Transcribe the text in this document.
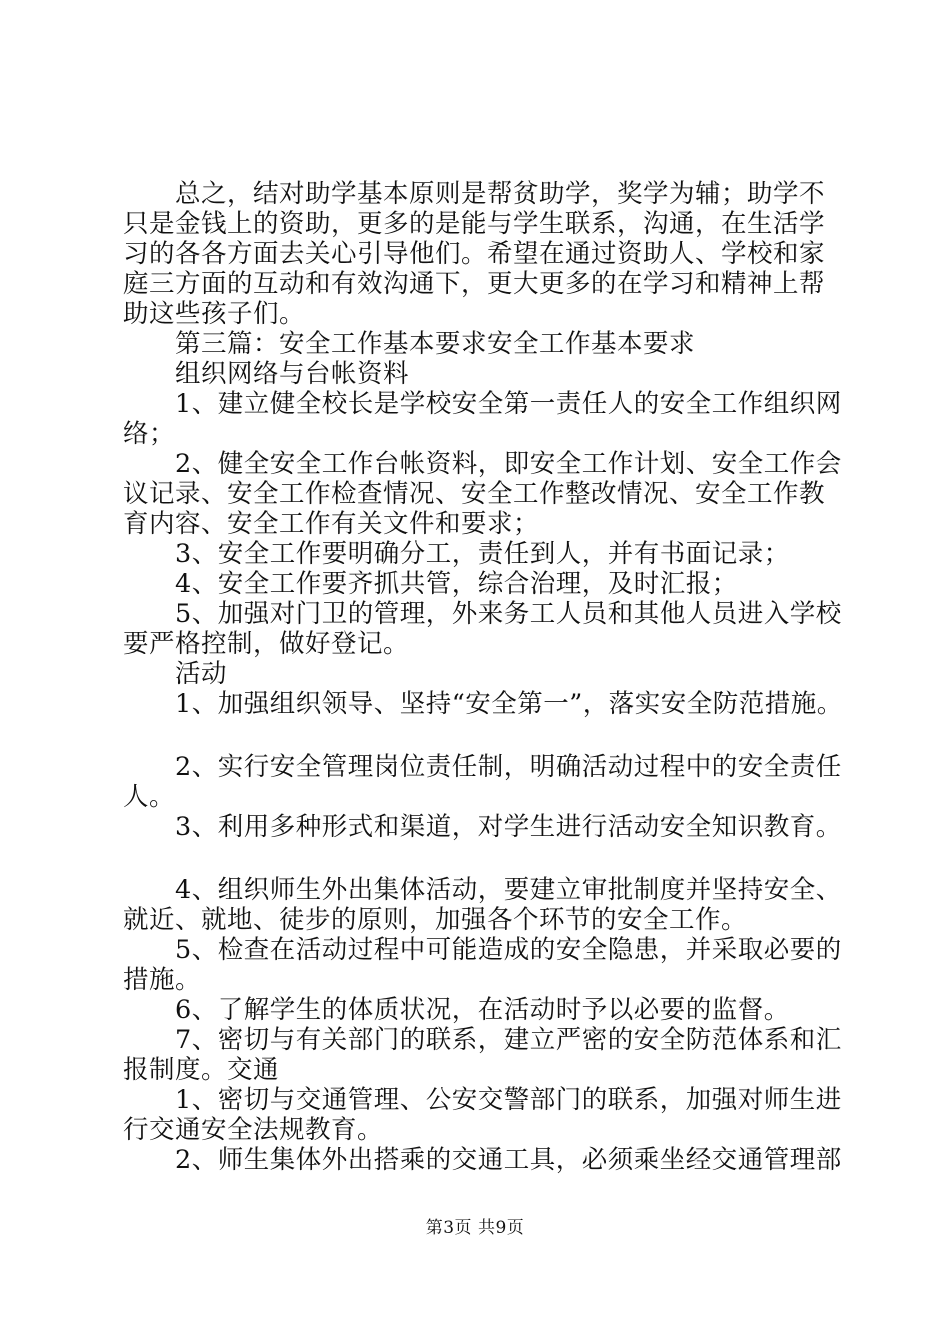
　　总之，结对助学基本原则是帮贫助学，奖学为辅；助学不
只是金钱上的资助，更多的是能与学生联系，沟通，在生活学
习的各各方面去关心引导他们。希望在通过资助人、学校和家
庭三方面的互动和有效沟通下，更大更多的在学习和精神上帮
助这些孩子们。
　　第三篇：安全工作基本要求安全工作基本要求
　　组织网络与台帐资料
　　1、建立健全校长是学校安全第一责任人的安全工作组织网
络；
　　2、健全安全工作台帐资料，即安全工作计划、安全工作会
议记录、安全工作检查情况、安全工作整改情况、安全工作教
育内容、安全工作有关文件和要求；
　　3、安全工作要明确分工，责任到人，并有书面记录；
　　4、安全工作要齐抓共管，综合治理，及时汇报；
　　5、加强对门卫的管理，外来务工人员和其他人员进入学校
要严格控制，做好登记。
　　活动
　　1、加强组织领导、坚持“安全第一”，落实安全防范措施。
　　2、实行安全管理岗位责任制，明确活动过程中的安全责任
人。
　　3、利用多种形式和渠道，对学生进行活动安全知识教育。
　　4、组织师生外出集体活动，要建立审批制度并坚持安全、
就近、就地、徒步的原则，加强各个环节的安全工作。
　　5、检查在活动过程中可能造成的安全隐患，并采取必要的
措施。
　　6、了解学生的体质状况，在活动时予以必要的监督。
　　7、密切与有关部门的联系，建立严密的安全防范体系和汇
报制度。交通
　　1、密切与交通管理、公安交警部门的联系，加强对师生进
行交通安全法规教育。
　　2、师生集体外出搭乘的交通工具，必须乘坐经交通管理部
第3页 共9页
